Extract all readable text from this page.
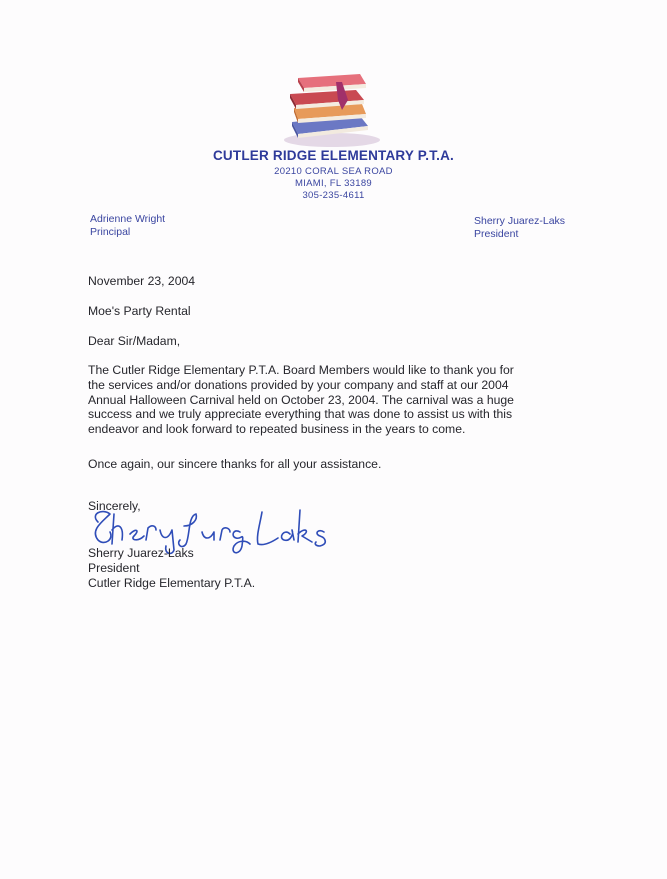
CUTLER RIDGE ELEMENTARY P.T.A.
20210 CORAL SEA ROAD
MIAMI, FL 33189
305-235-4611
Adrienne Wright
Principal
Sherry Juarez-Laks
President
November 23, 2004
Moe's Party Rental
Dear Sir/Madam,
The Cutler Ridge Elementary P.T.A. Board Members would like to thank you for
the services and/or donations provided by your company and staff at our 2004
Annual Halloween Carnival held on October 23, 2004. The carnival was a huge
success and we truly appreciate everything that was done to assist us with this
endeavor and look forward to repeated business in the years to come.
Once again, our sincere thanks for all your assistance.
Sincerely,
Sherry Juarez-Laks
President
Cutler Ridge Elementary P.T.A.
